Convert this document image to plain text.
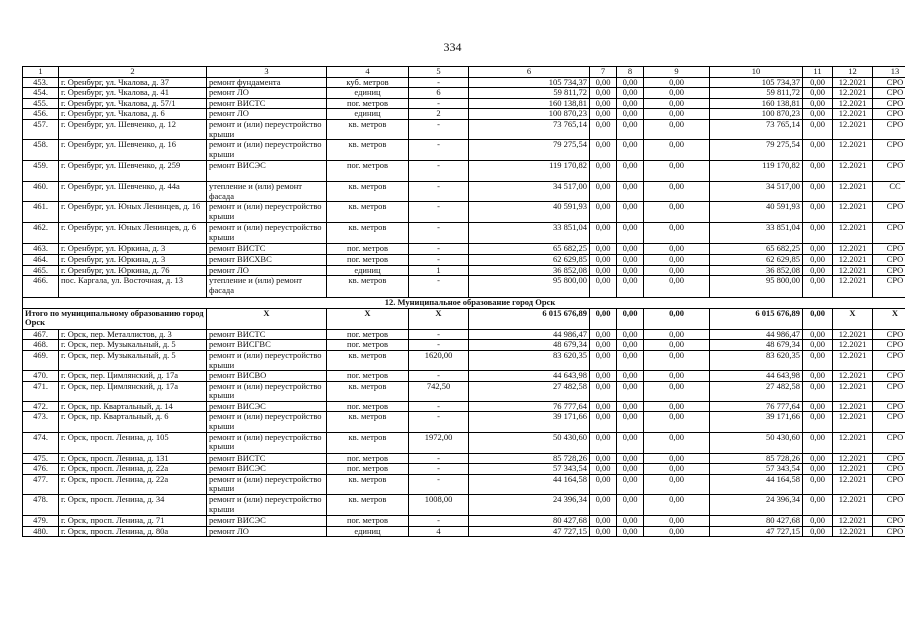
334
1	2	3	4	5	6	7	8	9	10	11	12	13
453.	г. Оренбург, ул. Чкалова, д. 37	ремонт фундамента	куб. метров	-	105 734,37	0,00	0,00	0,00	105 734,37	0,00	12.2021	СРО
454.	г. Оренбург, ул. Чкалова, д. 41	ремонт ЛО	единиц	6	59 811,72	0,00	0,00	0,00	59 811,72	0,00	12.2021	СРО
455.	г. Оренбург, ул. Чкалова, д. 57/1	ремонт ВИСТС	пог. метров	-	160 138,81	0,00	0,00	0,00	160 138,81	0,00	12.2021	СРО
456.	г. Оренбург, ул. Чкалова, д. 6	ремонт ЛО	единиц	2	100 870,23	0,00	0,00	0,00	100 870,23	0,00	12.2021	СРО
457.	г. Оренбург, ул. Шевченко, д. 12	ремонт и (или) переустройство крыши	кв. метров	-	73 765,14	0,00	0,00	0,00	73 765,14	0,00	12.2021	СРО
458.	г. Оренбург, ул. Шевченко, д. 16	ремонт и (или) переустройство крыши	кв. метров	-	79 275,54	0,00	0,00	0,00	79 275,54	0,00	12.2021	СРО
459.	г. Оренбург, ул. Шевченко, д. 259	ремонт ВИСЭС	пог. метров	-	119 170,82	0,00	0,00	0,00	119 170,82	0,00	12.2021	СРО
460.	г. Оренбург, ул. Шевченко, д. 44а	утепление и (или) ремонт фасада	кв. метров	-	34 517,00	0,00	0,00	0,00	34 517,00	0,00	12.2021	СС
461.	г. Оренбург, ул. Юных Ленинцев, д. 16	ремонт и (или) переустройство крыши	кв. метров	-	40 591,93	0,00	0,00	0,00	40 591,93	0,00	12.2021	СРО
462.	г. Оренбург, ул. Юных Ленинцев, д. 6	ремонт и (или) переустройство крыши	кв. метров	-	33 851,04	0,00	0,00	0,00	33 851,04	0,00	12.2021	СРО
463.	г. Оренбург, ул. Юркина, д. 3	ремонт ВИСТС	пог. метров	-	65 682,25	0,00	0,00	0,00	65 682,25	0,00	12.2021	СРО
464.	г. Оренбург, ул. Юркина, д. 3	ремонт ВИСХВС	пог. метров	-	62 629,85	0,00	0,00	0,00	62 629,85	0,00	12.2021	СРО
465.	г. Оренбург, ул. Юркина, д. 76	ремонт ЛО	единиц	1	36 852,08	0,00	0,00	0,00	36 852,08	0,00	12.2021	СРО
466.	пос. Каргала, ул. Восточная, д. 13	утепление и (или) ремонт фасада	кв. метров	-	95 800,00	0,00	0,00	0,00	95 800,00	0,00	12.2021	СРО
12. Муниципальное образование город Орск												
Итого по муниципальному образованию город Орск		X	X	X	6 015 676,89	0,00	0,00	0,00	6 015 676,89	0,00	X	X
467.	г. Орск, пер. Металлистов, д. 3	ремонт ВИСТС	пог. метров	-	44 986,47	0,00	0,00	0,00	44 986,47	0,00	12.2021	СРО
468.	г. Орск, пер. Музыкальный, д. 5	ремонт ВИСГВС	пог. метров	-	48 679,34	0,00	0,00	0,00	48 679,34	0,00	12.2021	СРО
469.	г. Орск, пер. Музыкальный, д. 5	ремонт и (или) переустройство крыши	кв. метров	1620,00	83 620,35	0,00	0,00	0,00	83 620,35	0,00	12.2021	СРО
470.	г. Орск, пер. Цимлянский, д. 17а	ремонт ВИСВО	пог. метров	-	44 643,98	0,00	0,00	0,00	44 643,98	0,00	12.2021	СРО
471.	г. Орск, пер. Цимлянский, д. 17а	ремонт и (или) переустройство крыши	кв. метров	742,50	27 482,58	0,00	0,00	0,00	27 482,58	0,00	12.2021	СРО
472.	г. Орск, пр. Квартальный, д. 14	ремонт ВИСЭС	пог. метров	-	76 777,64	0,00	0,00	0,00	76 777,64	0,00	12.2021	СРО
473.	г. Орск, пр. Квартальный, д. 6	ремонт и (или) переустройство крыши	кв. метров	-	39 171,66	0,00	0,00	0,00	39 171,66	0,00	12.2021	СРО
474.	г. Орск, просп. Ленина, д. 105	ремонт и (или) переустройство крыши	кв. метров	1972,00	50 430,60	0,00	0,00	0,00	50 430,60	0,00	12.2021	СРО
475.	г. Орск, просп. Ленина, д. 131	ремонт ВИСТС	пог. метров	-	85 728,26	0,00	0,00	0,00	85 728,26	0,00	12.2021	СРО
476.	г. Орск, просп. Ленина, д. 22а	ремонт ВИСЭС	пог. метров	-	57 343,54	0,00	0,00	0,00	57 343,54	0,00	12.2021	СРО
477.	г. Орск, просп. Ленина, д. 22а	ремонт и (или) переустройство крыши	кв. метров	-	44 164,58	0,00	0,00	0,00	44 164,58	0,00	12.2021	СРО
478.	г. Орск, просп. Ленина, д. 34	ремонт и (или) переустройство крыши	кв. метров	1008,00	24 396,34	0,00	0,00	0,00	24 396,34	0,00	12.2021	СРО
479.	г. Орск, просп. Ленина, д. 71	ремонт ВИСЭС	пог. метров	-	80 427,68	0,00	0,00	0,00	80 427,68	0,00	12.2021	СРО
480.	г. Орск, просп. Ленина, д. 80а	ремонт ЛО	единиц	4	47 727,15	0,00	0,00	0,00	47 727,15	0,00	12.2021	СРО
